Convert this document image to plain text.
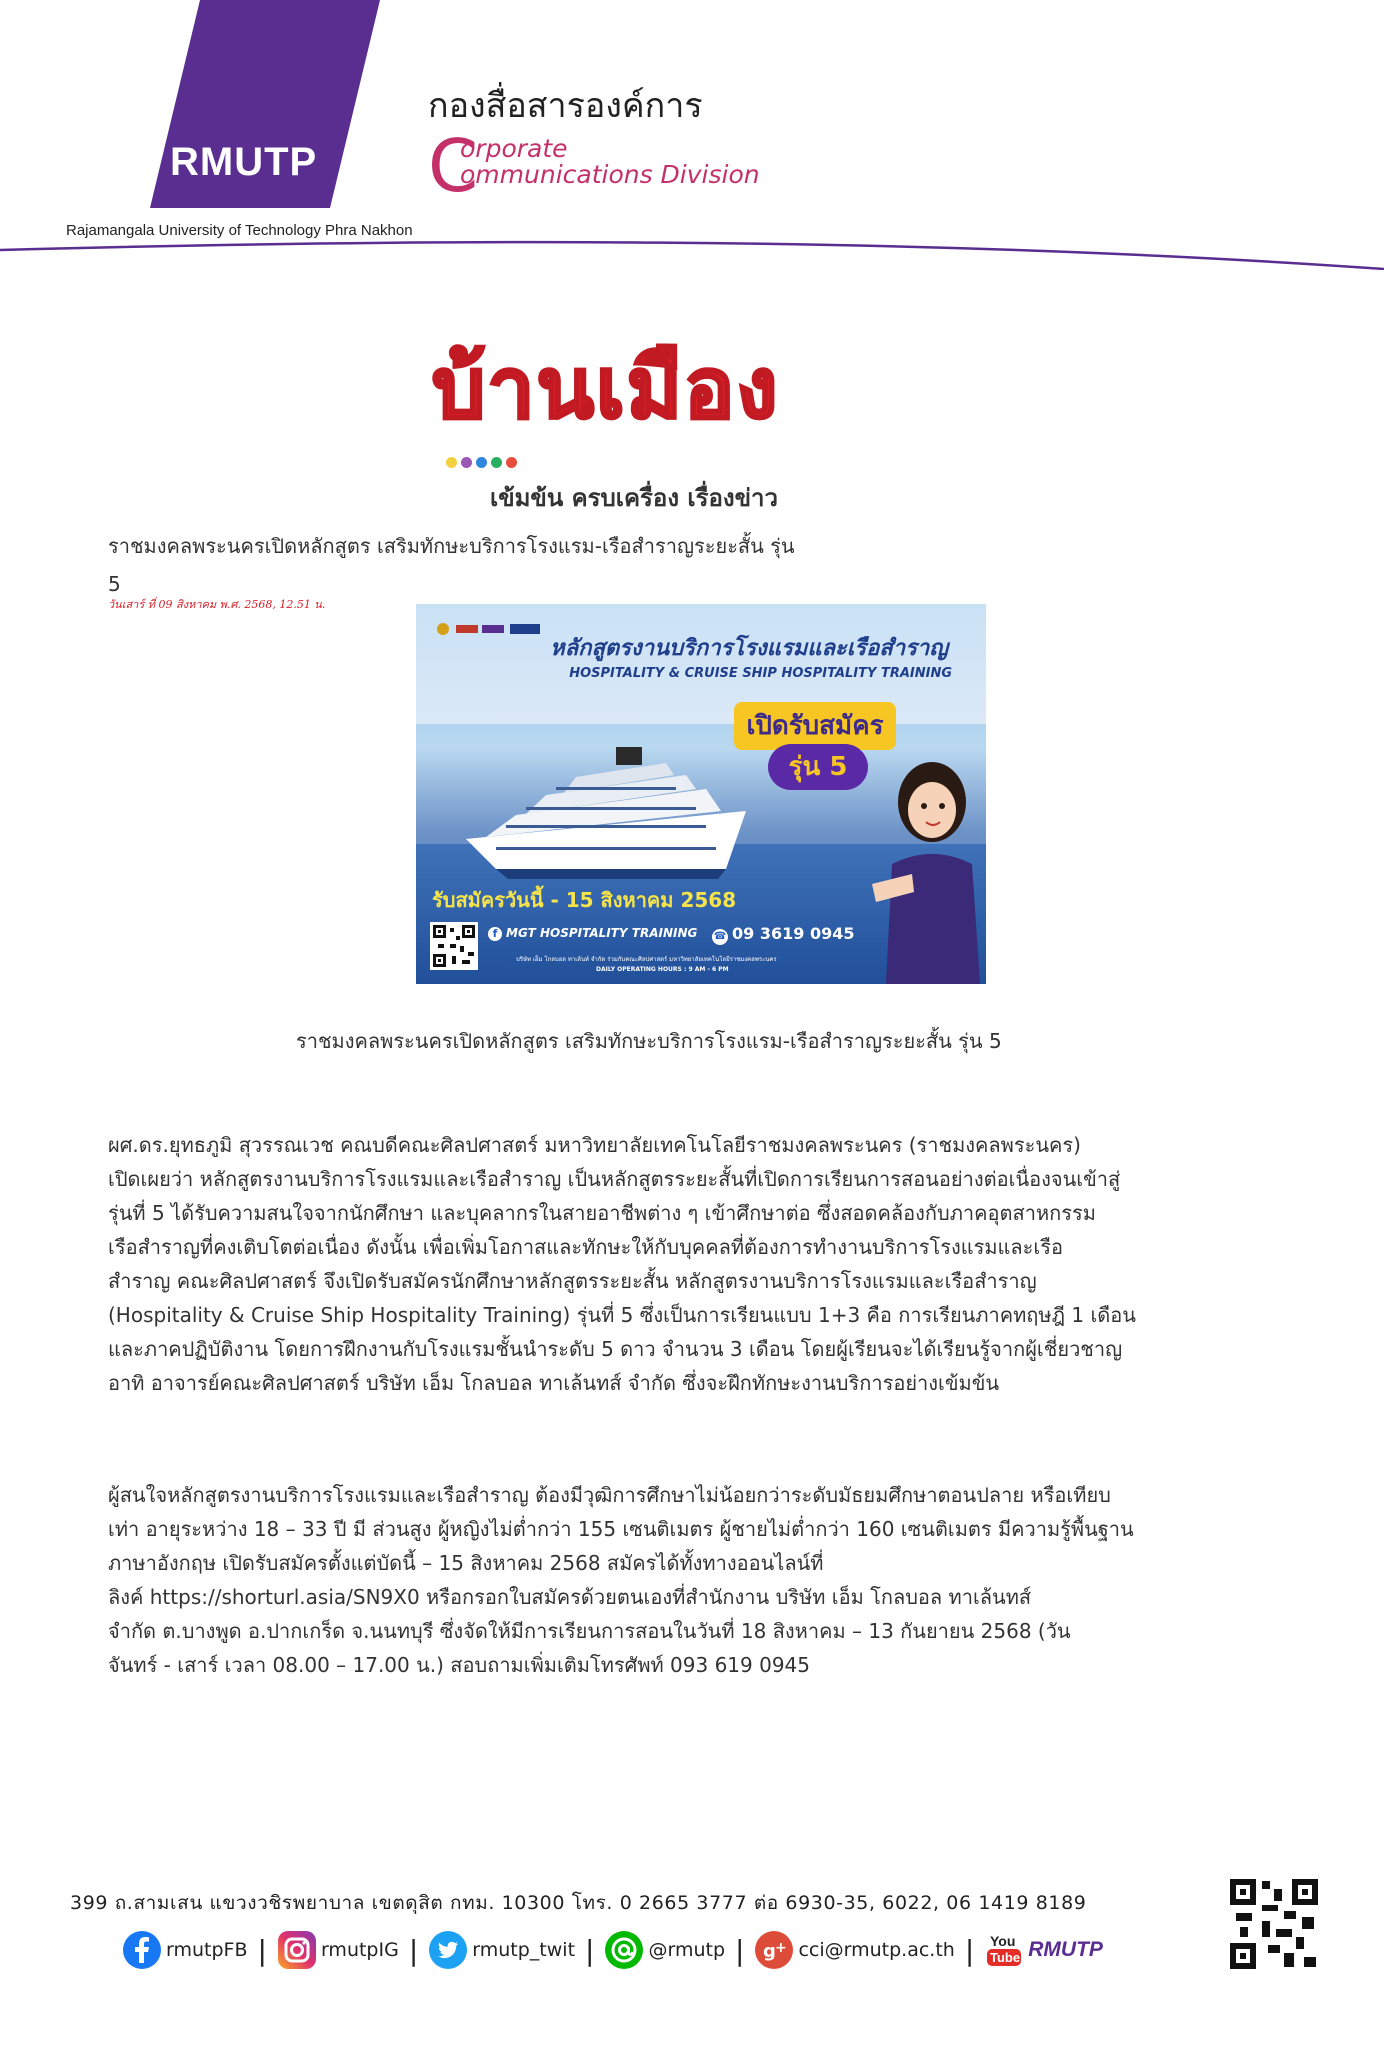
RMUTP
กองสื่อสารองค์การ
C
orporate
ommunications Division
Rajamangala University of Technology Phra Nakhon
บ้านเมือง
เข้มข้น ครบเครื่อง เรื่องข่าว
ราชมงคลพระนครเปิดหลักสูตร เสริมทักษะบริการโรงแรม-เรือสำราญระยะสั้น รุ่น 5
วันเสาร์ ที่ 09 สิงหาคม พ.ศ. 2568, 12.51 น.
หลักสูตรงานบริการโรงแรมและเรือสำราญ
HOSPITALITY & CRUISE SHIP HOSPITALITY TRAINING
เปิดรับสมัคร
รุ่น 5
รับสมัครวันนี้ - 15 สิงหาคม 2568
f MGT HOSPITALITY TRAINING ☎ 09 3619 0945
บริษัท เอ็ม โกลบอล ทาเล้นท์ จำกัด ร่วมกับคณะศิลปศาสตร์ มหาวิทยาลัยเทคโนโลยีราชมงคลพระนคร
DAILY OPERATING HOURS : 9 AM - 6 PM
ราชมงคลพระนครเปิดหลักสูตร เสริมทักษะบริการโรงแรม-เรือสำราญระยะสั้น รุ่น 5

ผศ.ดร.ยุทธภูมิ สุวรรณเวช คณบดีคณะศิลปศาสตร์ มหาวิทยาลัยเทคโนโลยีราชมงคลพระนคร (ราชมงคลพระนคร)

เปิดเผยว่า หลักสูตรงานบริการโรงแรมและเรือสำราญ เป็นหลักสูตรระยะสั้นที่เปิดการเรียนการสอนอย่างต่อเนื่องจนเข้าสู่

รุ่นที่ 5 ได้รับความสนใจจากนักศึกษา และบุคลากรในสายอาชีพต่าง ๆ เข้าศึกษาต่อ ซึ่งสอดคล้องกับภาคอุตสาหกรรม

เรือสำราญที่คงเติบโตต่อเนื่อง ดังนั้น เพื่อเพิ่มโอกาสและทักษะให้กับบุคคลที่ต้องการทำงานบริการโรงแรมและเรือ

สำราญ คณะศิลปศาสตร์ จึงเปิดรับสมัครนักศึกษาหลักสูตรระยะสั้น หลักสูตรงานบริการโรงแรมและเรือสำราญ

(Hospitality & Cruise Ship Hospitality Training) รุ่นที่ 5 ซึ่งเป็นการเรียนแบบ 1+3 คือ การเรียนภาคทฤษฎี 1 เดือน

และภาคปฏิบัติงาน โดยการฝึกงานกับโรงแรมชั้นนำระดับ 5 ดาว จำนวน 3 เดือน โดยผู้เรียนจะได้เรียนรู้จากผู้เชี่ยวชาญ

อาทิ อาจารย์คณะศิลปศาสตร์ บริษัท เอ็ม โกลบอล ทาเล้นทส์ จำกัด ซึ่งจะฝึกทักษะงานบริการอย่างเข้มข้น

ผู้สนใจหลักสูตรงานบริการโรงแรมและเรือสำราญ ต้องมีวุฒิการศึกษาไม่น้อยกว่าระดับมัธยมศึกษาตอนปลาย หรือเทียบ

เท่า อายุระหว่าง 18 – 33 ปี มี ส่วนสูง ผู้หญิงไม่ต่ำกว่า 155 เซนติเมตร ผู้ชายไม่ต่ำกว่า 160 เซนติเมตร มีความรู้พื้นฐาน

ภาษาอังกฤษ เปิดรับสมัครตั้งแต่บัดนี้ – 15 สิงหาคม 2568 สมัครได้ทั้งทางออนไลน์ที่

ลิงค์ https://shorturl.asia/SN9X0 หรือกรอกใบสมัครด้วยตนเองที่สำนักงาน บริษัท เอ็ม โกลบอล ทาเล้นทส์

จำกัด ต.บางพูด อ.ปากเกร็ด จ.นนทบุรี ซึ่งจัดให้มีการเรียนการสอนในวันที่ 18 สิงหาคม – 13 กันยายน 2568 (วัน

จันทร์ - เสาร์ เวลา 08.00 – 17.00 น.) สอบถามเพิ่มเติมโทรศัพท์ 093 619 0945

399 ถ.สามเสน แขวงวชิรพยาบาล เขตดุสิต กทม. 10300 โทร. 0 2665 3777 ต่อ 6930-35, 6022, 06 1419 8189
rmutpFB |	rmutpIG |	rmutp_twit |	@rmutp | g + cci@rmutp.ac.th | You
Tube RMUTP
